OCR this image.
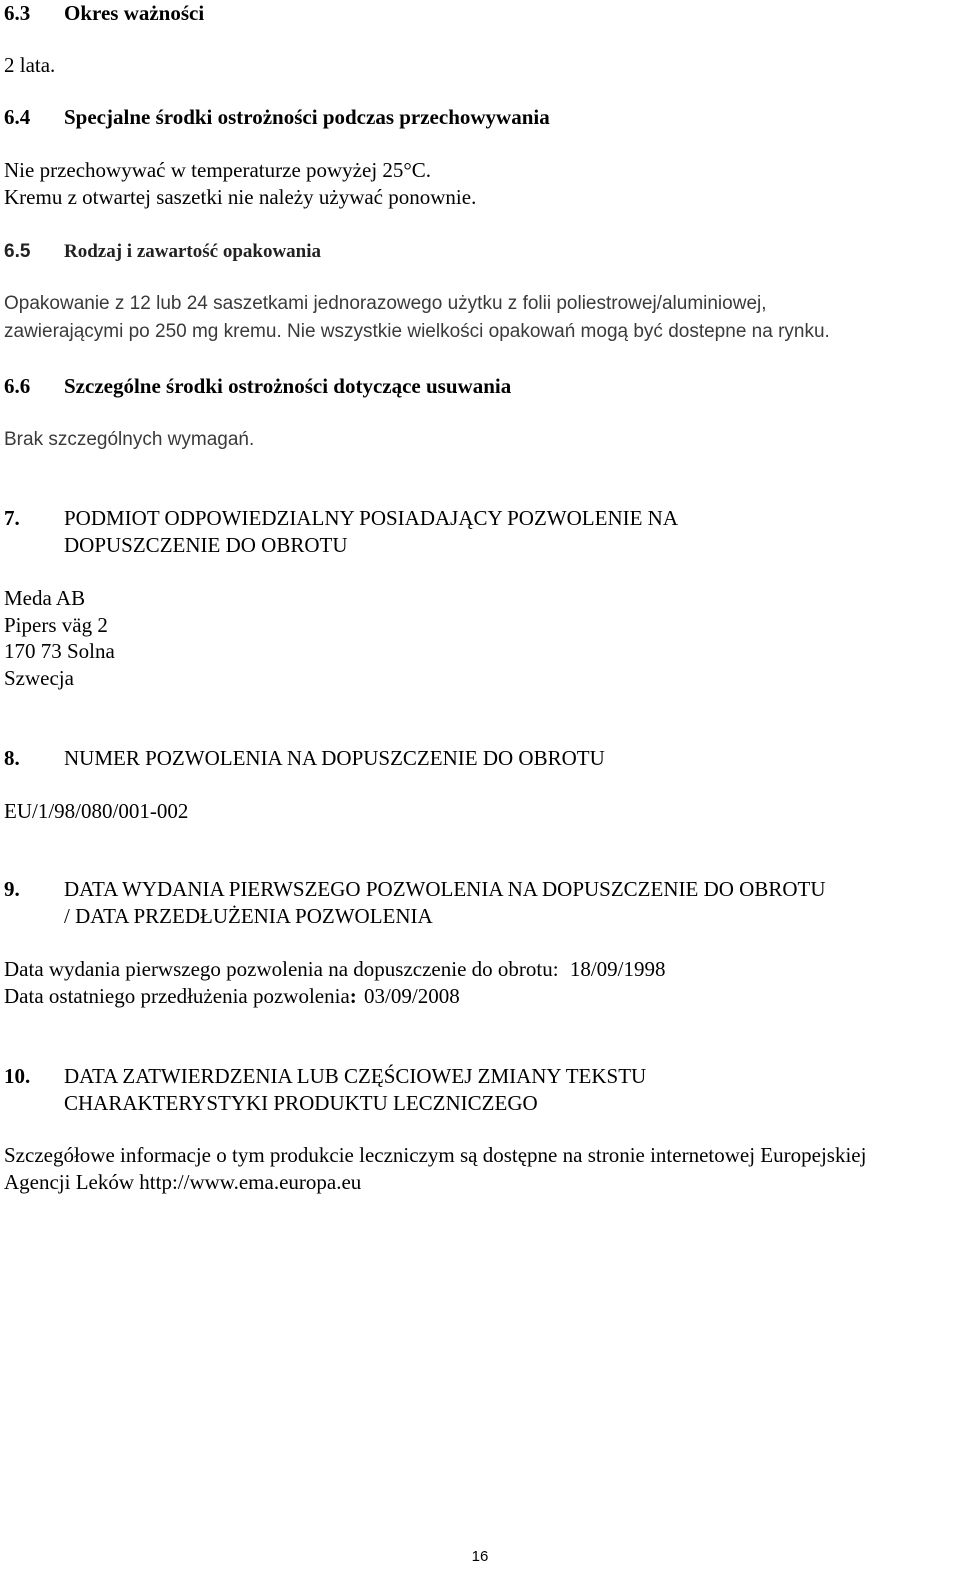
6.3 Okres ważności
2 lata.
6.4 Specjalne środki ostrożności podczas przechowywania
Nie przechowywać w temperaturze powyżej 25°C.
Kremu z otwartej saszetki nie należy używać ponownie.
6.5 Rodzaj i zawartość opakowania
Opakowanie z 12 lub 24 saszetkami jednorazowego użytku z folii poliestrowej/aluminiowej,
zawierającymi po 250 mg kremu. Nie wszystkie wielkości opakowań mogą być dostepne na rynku.
6.6 Szczególne środki ostrożności dotyczące usuwania
Brak szczególnych wymagań.
7. PODMIOT ODPOWIEDZIALNY POSIADAJĄCY POZWOLENIE NA
DOPUSZCZENIE DO OBROTU
Meda AB
Pipers väg 2
170 73 Solna
Szwecja
8. NUMER POZWOLENIA NA DOPUSZCZENIE DO OBROTU
EU/1/98/080/001-002
9. DATA WYDANIA PIERWSZEGO POZWOLENIA NA DOPUSZCZENIE DO OBROTU
/ DATA PRZEDŁUŻENIA POZWOLENIA
Data wydania pierwszego pozwolenia na dopuszczenie do obrotu: 18/09/1998
Data ostatniego przedłużenia pozwolenia: 03/09/2008
10. DATA ZATWIERDZENIA LUB CZĘŚCIOWEJ ZMIANY TEKSTU
CHARAKTERYSTYKI PRODUKTU LECZNICZEGO
Szczegółowe informacje o tym produkcie leczniczym są dostępne na stronie internetowej Europejskiej
Agencji Leków http://www.ema.europa.eu
16
